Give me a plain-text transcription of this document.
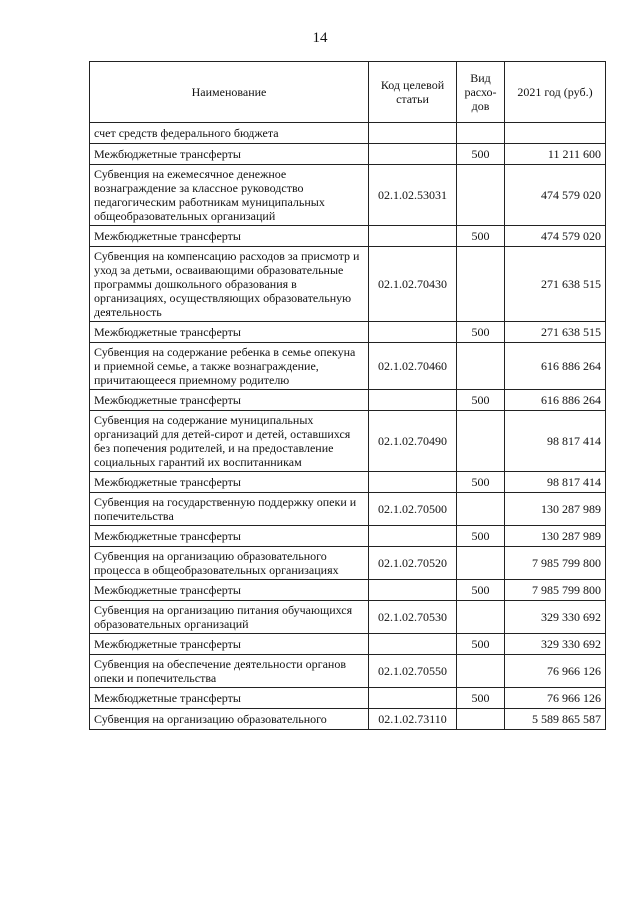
14
Наименование	Код целевой статьи	Вид расхо-дов	2021 год (руб.)
счет средств федерального бюджета			
Межбюджетные трансферты		500	11 211 600
Субвенция на ежемесячное денежное вознаграждение за классное руководство педагогическим работникам муниципальных общеобразовательных организаций	02.1.02.53031		474 579 020
Межбюджетные трансферты		500	474 579 020
Субвенция на компенсацию расходов за присмотр и уход за детьми, осваивающими образовательные программы дошкольного образования в организациях, осуществляющих образовательную деятельность	02.1.02.70430		271 638 515
Межбюджетные трансферты		500	271 638 515
Субвенция на содержание ребенка в семье опекуна и приемной семье, а также вознаграждение, причитающееся приемному родителю	02.1.02.70460		616 886 264
Межбюджетные трансферты		500	616 886 264
Субвенция на содержание муниципальных организаций для детей-сирот и детей, оставшихся без попечения родителей, и на предоставление социальных гарантий их воспитанникам	02.1.02.70490		98 817 414
Межбюджетные трансферты		500	98 817 414
Субвенция на государственную поддержку опеки и попечительства	02.1.02.70500		130 287 989
Межбюджетные трансферты		500	130 287 989
Субвенция на организацию образовательного процесса в общеобразовательных организациях	02.1.02.70520		7 985 799 800
Межбюджетные трансферты		500	7 985 799 800
Субвенция на организацию питания обучающихся образовательных организаций	02.1.02.70530		329 330 692
Межбюджетные трансферты		500	329 330 692
Субвенция на обеспечение деятельности органов опеки и попечительства	02.1.02.70550		76 966 126
Межбюджетные трансферты		500	76 966 126
Субвенция на организацию образовательного	02.1.02.73110		5 589 865 587
